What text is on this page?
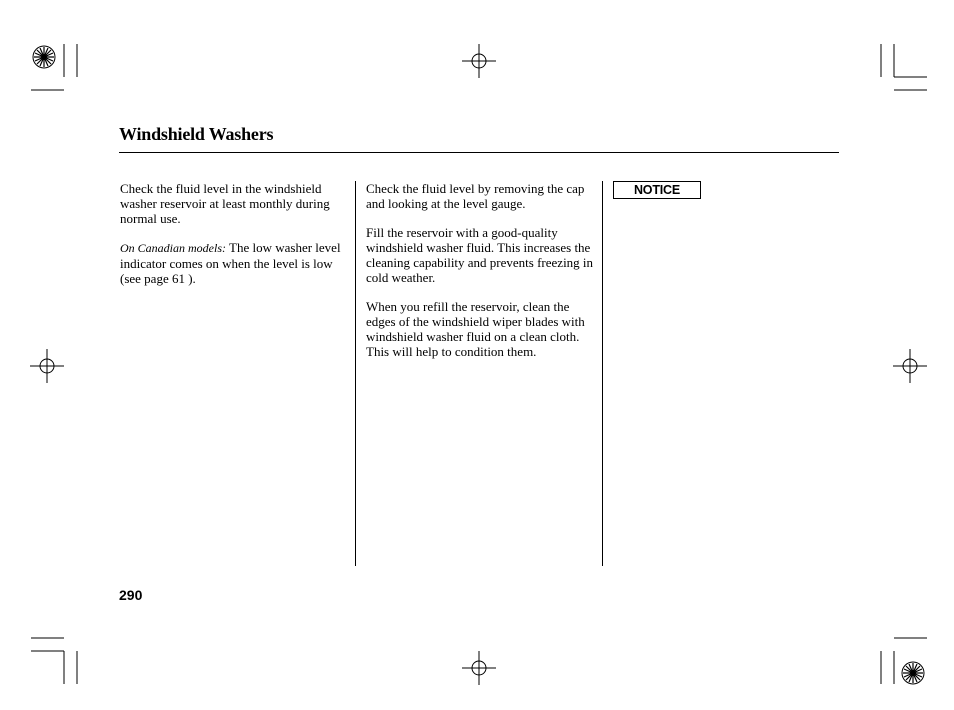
Windshield Washers

Check the fluid level in the windshield washer reservoir at least monthly during normal use.

On Canadian models: The low washer level indicator comes on when the level is low (see page 61 ).

Check the fluid level by removing the cap and looking at the level gauge.

Fill the reservoir with a good-quality windshield washer fluid. This increases the cleaning capability and prevents freezing in cold weather.

When you refill the reservoir, clean the edges of the windshield wiper blades with windshield washer fluid on a clean cloth. This will help to condition them.

NOTICE
290
